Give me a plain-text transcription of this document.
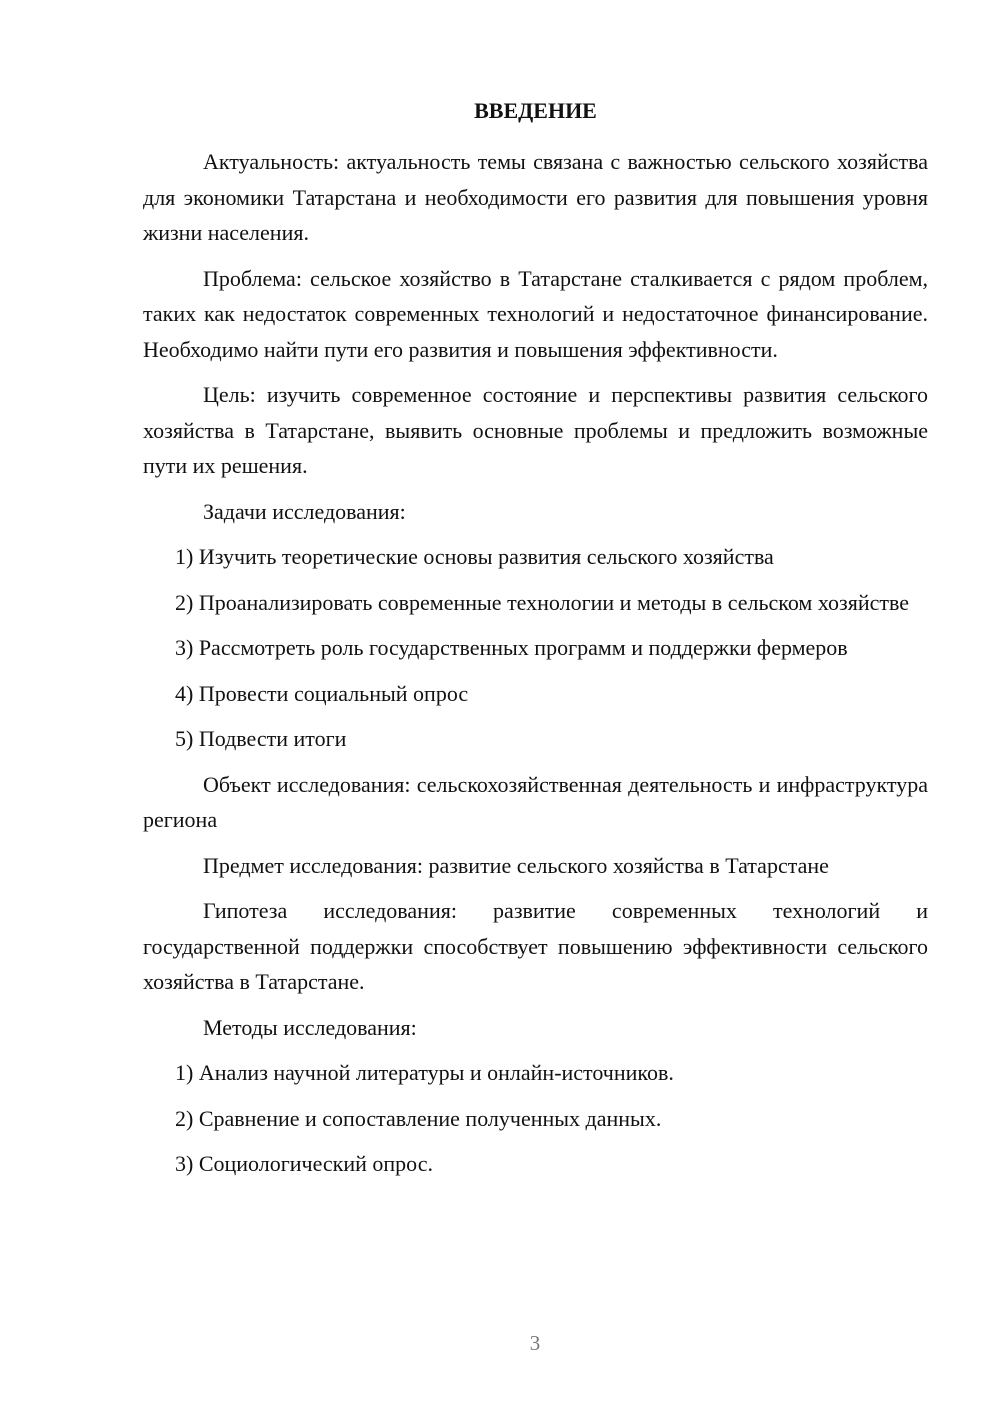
ВВЕДЕНИЕ

Актуальность: актуальность темы связана с важностью сельского хозяйства для экономики Татарстана и необходимости его развития для повышения уровня жизни населения.

Проблема: сельское хозяйство в Татарстане сталкивается с рядом проблем, таких как недостаток современных технологий и недостаточное финансирование. Необходимо найти пути его развития и повышения эффективности.

Цель: изучить современное состояние и перспективы развития сельского хозяйства в Татарстане, выявить основные проблемы и предложить возможные пути их решения.

Задачи исследования:

1) Изучить теоретические основы развития сельского хозяйства

2) Проанализировать современные технологии и методы в сельском хозяйстве

3) Рассмотреть роль государственных программ и поддержки фермеров

4) Провести социальный опрос

5) Подвести итоги

Объект исследования: сельскохозяйственная деятельность и инфраструктура региона

Предмет исследования: развитие сельского хозяйства в Татарстане

Гипотеза исследования: развитие современных технологий и государственной поддержки способствует повышению эффективности сельского хозяйства в Татарстане.

Методы исследования:

1) Анализ научной литературы и онлайн-источников.

2) Сравнение и сопоставление полученных данных.

3) Социологический опрос.

3
